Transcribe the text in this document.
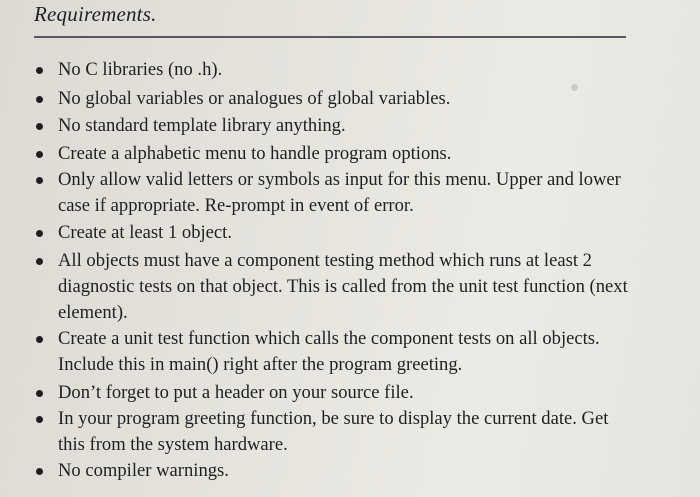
Requirements.
No C libraries (no .h).
No global variables or analogues of global variables.
No standard template library anything.
Create a alphabetic menu to handle program options.
Only allow valid letters or symbols as input for this menu. Upper and lower case if appropriate. Re-prompt in event of error.
Create at least 1 object.
All objects must have a component testing method which runs at least 2 diagnostic tests on that object. This is called from the unit test function (next element).
Create a unit test function which calls the component tests on all objects. Include this in main() right after the program greeting.
Don’t forget to put a header on your source file.
In your program greeting function, be sure to display the current date. Get this from the system hardware.
No compiler warnings.
